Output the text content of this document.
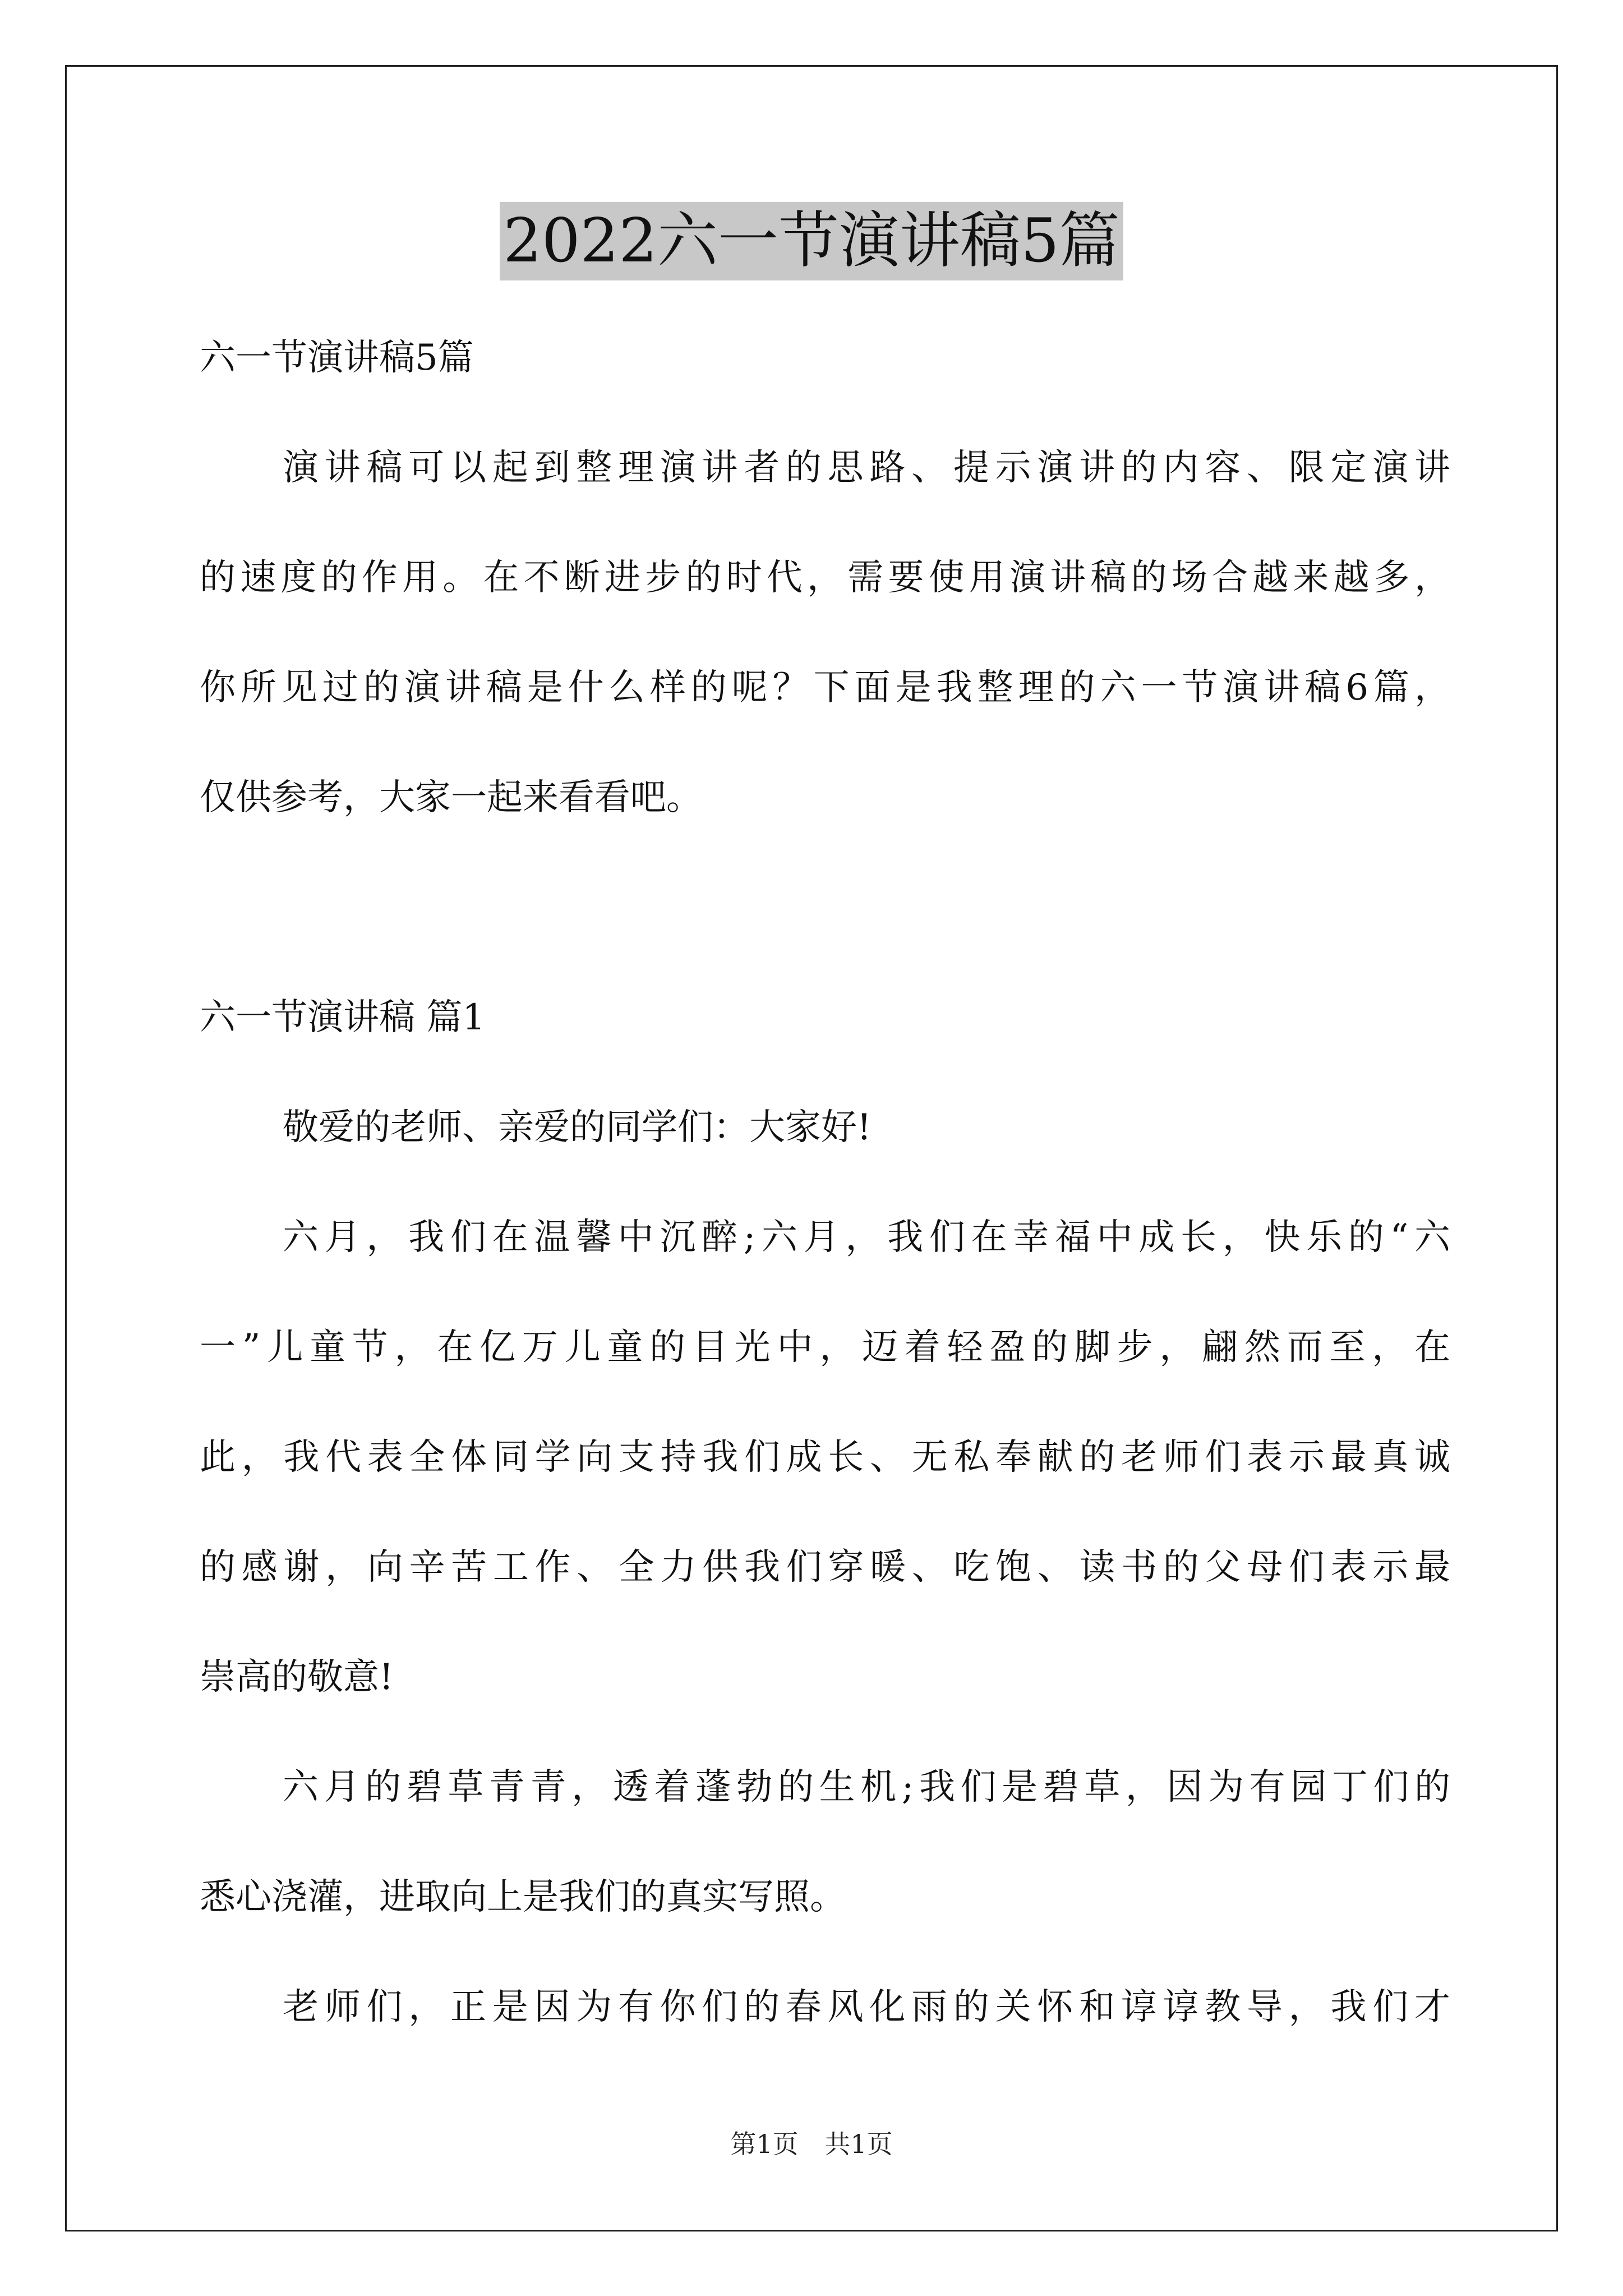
2022六一节演讲稿5篇
六一节演讲稿5篇
演讲稿可以起到整理演讲者的思路、提示演讲的内容、限定演讲
的速度的作用。在不断进步的时代，需要使用演讲稿的场合越来越多，
你所见过的演讲稿是什么样的呢？下面是我整理的六一节演讲稿6篇，
仅供参考，大家一起来看看吧。
六一节演讲稿 篇1
敬爱的老师、亲爱的同学们：大家好!
六月，我们在温馨中沉醉;六月，我们在幸福中成长，快乐的“六
一”儿童节，在亿万儿童的目光中，迈着轻盈的脚步，翩然而至，在
此，我代表全体同学向支持我们成长、无私奉献的老师们表示最真诚
的感谢，向辛苦工作、全力供我们穿暖、吃饱、读书的父母们表示最
崇高的敬意!
六月的碧草青青，透着蓬勃的生机;我们是碧草，因为有园丁们的
悉心浇灌，进取向上是我们的真实写照。
老师们，正是因为有你们的春风化雨的关怀和谆谆教导，我们才
第1页 共1页
